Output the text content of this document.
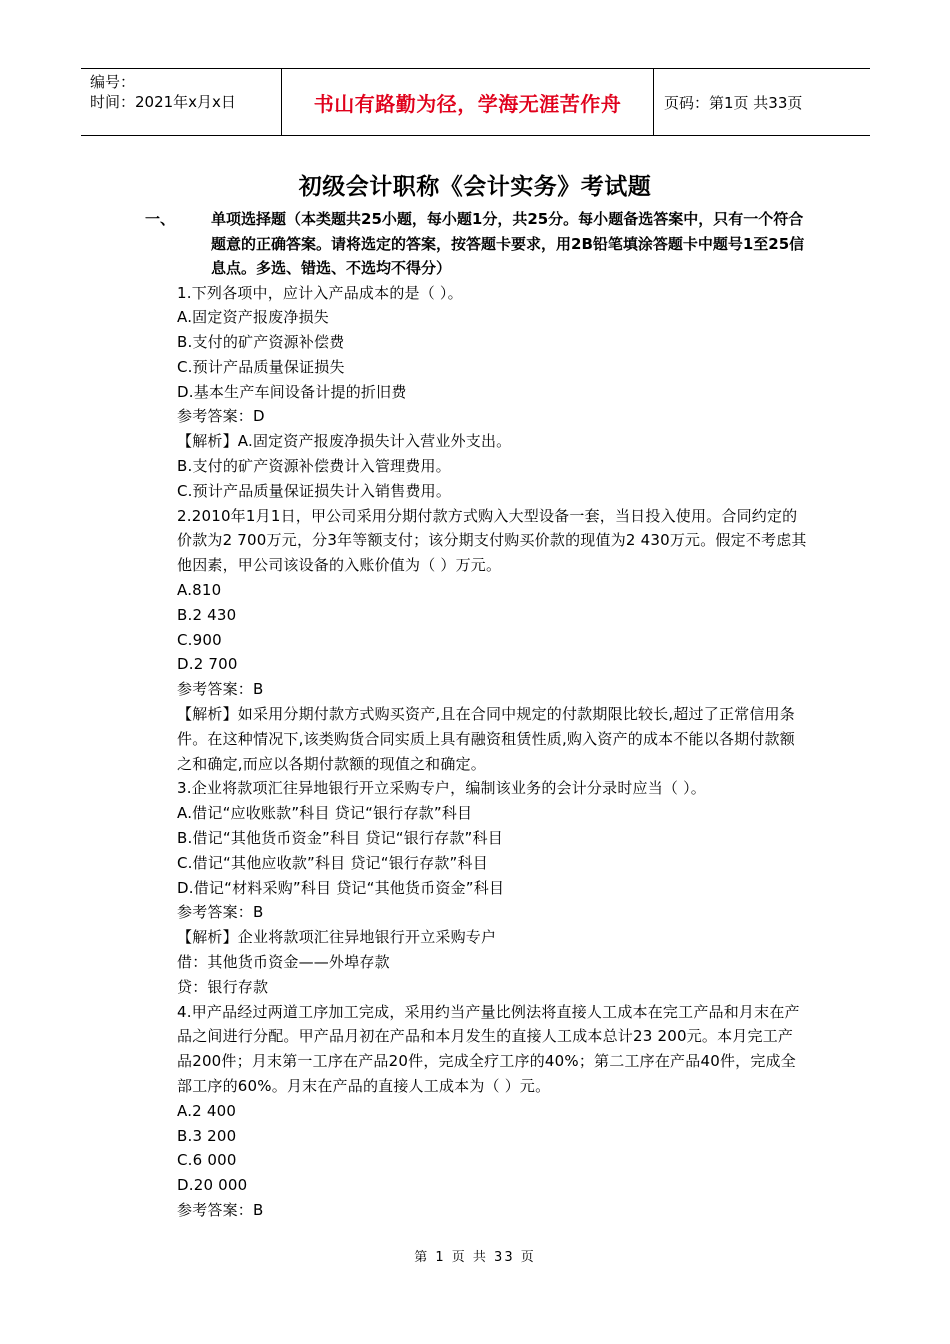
编号：
时间：2021年x月x日	书山有路勤为径，学海无涯苦作舟	页码：第1页 共33页
初级会计职称《会计实务》考试题
一、	单项选择题（本类题共25小题，每小题1分，共25分。每小题备选答案中，只有一个符合题意的正确答案。请将选定的答案，按答题卡要求，用2B铅笔填涂答题卡中题号1至25信息点。多选、错选、不选均不得分）
1.下列各项中，应计入产品成本的是（ ）。
A.固定资产报废净损失
B.支付的矿产资源补偿费
C.预计产品质量保证损失
D.基本生产车间设备计提的折旧费
参考答案：D
【解析】A.固定资产报废净损失计入营业外支出。
B.支付的矿产资源补偿费计入管理费用。
C.预计产品质量保证损失计入销售费用。
2.2010年1月1日，甲公司采用分期付款方式购入大型设备一套，当日投入使用。合同约定的价款为2 700万元，分3年等额支付；该分期支付购买价款的现值为2 430万元。假定不考虑其他因素，甲公司该设备的入账价值为（ ）万元。
A.810
B.2 430
C.900
D.2 700
参考答案：B
【解析】如采用分期付款方式购买资产,且在合同中规定的付款期限比较长,超过了正常信用条件。在这种情况下,该类购货合同实质上具有融资租赁性质,购入资产的成本不能以各期付款额之和确定,而应以各期付款额的现值之和确定。
3.企业将款项汇往异地银行开立采购专户，编制该业务的会计分录时应当（ ）。
A.借记“应收账款”科目 贷记“银行存款”科目
B.借记“其他货币资金”科目 贷记“银行存款”科目
C.借记“其他应收款”科目 贷记“银行存款”科目
D.借记“材料采购”科目 贷记“其他货币资金”科目
参考答案：B
【解析】企业将款项汇往异地银行开立采购专户
借：其他货币资金——外埠存款
贷：银行存款
4.甲产品经过两道工序加工完成，采用约当产量比例法将直接人工成本在完工产品和月末在产品之间进行分配。甲产品月初在产品和本月发生的直接人工成本总计23 200元。本月完工产品200件；月末第一工序在产品20件，完成全疗工序的40%；第二工序在产品40件，完成全部工序的60%。月末在产品的直接人工成本为（ ）元。
A.2 400
B.3 200
C.6 000
D.20 000
参考答案：B
第 1 页 共 33 页
